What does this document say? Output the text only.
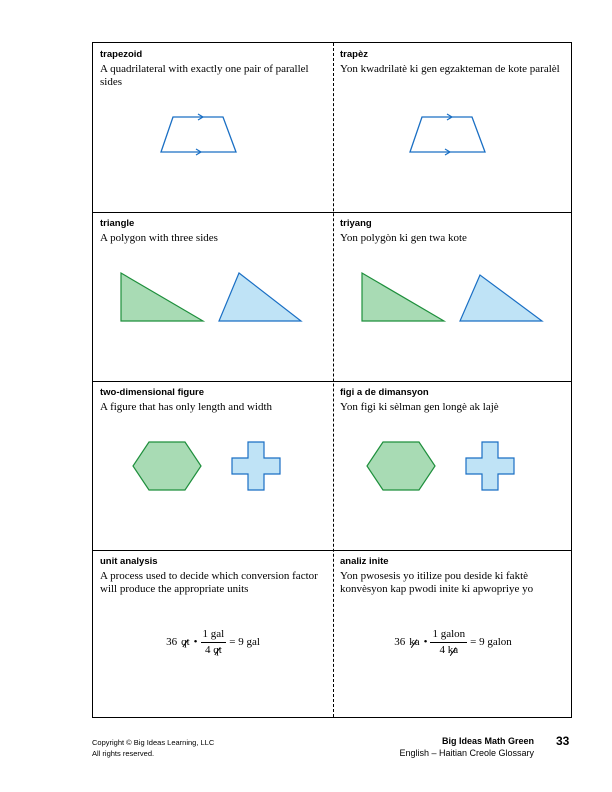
trapezoid
A quadrilateral with exactly one pair of parallel sides
trapèz
Yon kwadrilatè ki gen egzakteman de kote paralèl
triangle
A polygon with three sides
triyang
Yon polygòn ki gen twa kote
two-dimensional figure
A figure that has only length and width
figi a de dimansyon
Yon figi ki sèlman gen longè ak lajè
unit analysis
A process used to decide which conversion factor will produce the appropriate units
36 qt • $\frac{\text{1 gal}}{4 qt} = 9$ gal
analiz inite
Yon pwosesis yo itilize pou deside ki faktè konvèsyon kap pwodi inite ki apwopriye yo
36 ka • $\frac{\text{1 galon}}{4 ka} = 9$ galon
Copyright © Big Ideas Learning, LLC
All rights reserved.
Big Ideas Math Green
English – Haitian Creole Glossary
33
